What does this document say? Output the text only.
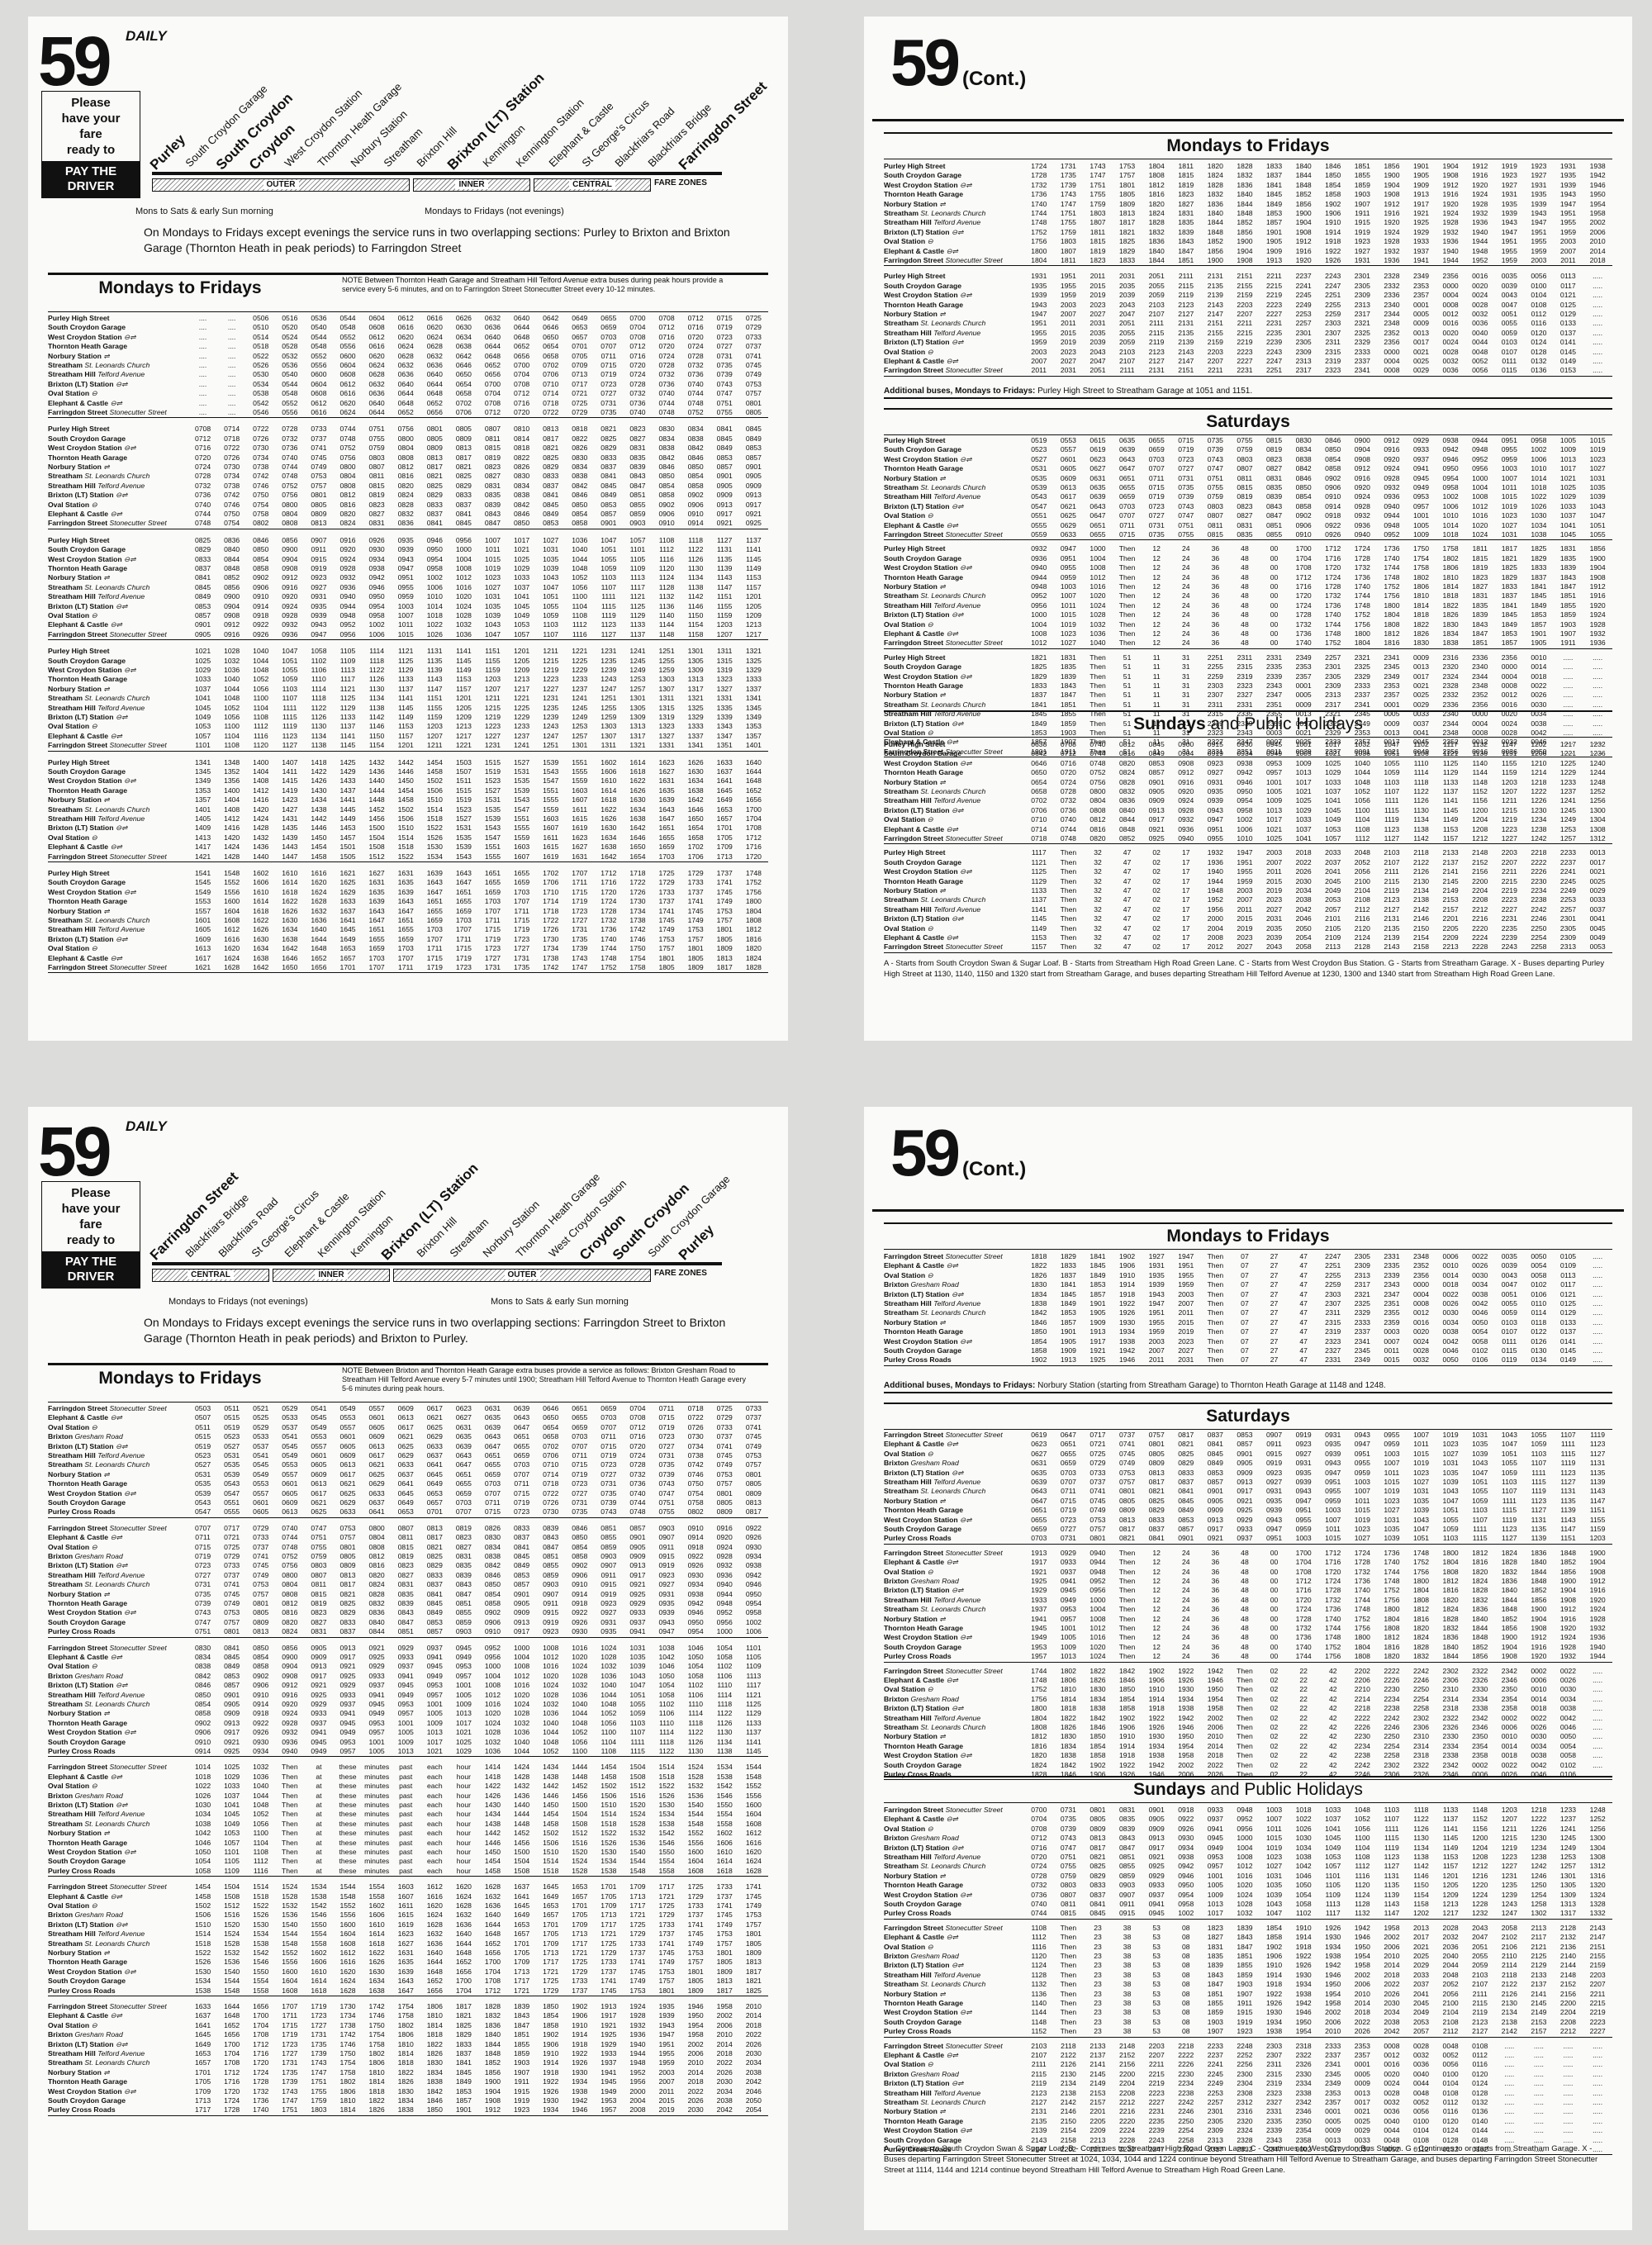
59 DAILY
Please
have your
fare
ready to
PAY THE DRIVER	OUTER	INNER	CENTRAL	FARE ZONES
Mons to Sats & early Sun morning	Mondays to Fridays (not evenings)
On Mondays to Fridays except evenings the service runs in two overlapping sections: Purley to Brixton and Brixton Garage (Thornton Heath in peak periods) to Farringdon Street
Mondays to Fridays	NOTE Between Thornton Heath Garage and Streatham Hill Telford Avenue extra buses during peak hours provide a service every 5-6 minutes, and on to Farringdon Street Stonecutter Street every 10-12 minutes.
Purley
South Croydon Garage
South Croydon
Croydon
West Croydon Station
Thornton Heath Garage
Norbury Station
Streatham
Brixton Hill
Brixton (LT) Station
Kennington
Kennington Station
Elephant & Castle
St George's Circus
Blackfriars Road
Blackfriars Bridge
Farringdon Street
Purley High Street	....	....	0506	0516	0536	0544	0604	0612	0616	0626	0632	0640	0642	0649	0655	0700	0708	0712	0715	0725
South Croydon Garage	....	....	0510	0520	0540	0548	0608	0616	0620	0630	0636	0644	0646	0653	0659	0704	0712	0716	0719	0729
West Croydon Station ⊖⇌	....	....	0514	0524	0544	0552	0612	0620	0624	0634	0640	0648	0650	0657	0703	0708	0716	0720	0723	0733
Thornton Heath Garage	....	....	0518	0528	0548	0556	0616	0624	0628	0638	0644	0652	0654	0701	0707	0712	0720	0724	0727	0737
Norbury Station ⇌	....	....	0522	0532	0552	0600	0620	0628	0632	0642	0648	0656	0658	0705	0711	0716	0724	0728	0731	0741
Streatham St. Leonards Church	....	....	0526	0536	0556	0604	0624	0632	0636	0646	0652	0700	0702	0709	0715	0720	0728	0732	0735	0745
Streatham Hill Telford Avenue	....	....	0530	0540	0600	0608	0628	0636	0640	0650	0656	0704	0706	0713	0719	0724	0732	0736	0739	0749
Brixton (LT) Station ⊖⇌	....	....	0534	0544	0604	0612	0632	0640	0644	0654	0700	0708	0710	0717	0723	0728	0736	0740	0743	0753
Oval Station ⊖	....	....	0538	0548	0608	0616	0636	0644	0648	0658	0704	0712	0714	0721	0727	0732	0740	0744	0747	0757
Elephant & Castle ⊖⇌	....	....	0542	0552	0612	0620	0640	0648	0652	0702	0708	0716	0718	0725	0731	0736	0744	0748	0751	0801
Farringdon Street Stonecutter Street	....	....	0546	0556	0616	0624	0644	0652	0656	0706	0712	0720	0722	0729	0735	0740	0748	0752	0755	0805
Purley High Street	0708	0714	0722	0728	0733	0744	0751	0756	0801	0805	0807	0810	0813	0818	0821	0823	0830	0834	0841	0845
South Croydon Garage	0712	0718	0726	0732	0737	0748	0755	0800	0805	0809	0811	0814	0817	0822	0825	0827	0834	0838	0845	0849
West Croydon Station ⊖⇌	0716	0722	0730	0736	0741	0752	0759	0804	0809	0813	0815	0818	0821	0826	0829	0831	0838	0842	0849	0853
Thornton Heath Garage	0720	0726	0734	0740	0745	0756	0803	0808	0813	0817	0819	0822	0825	0830	0833	0835	0842	0846	0853	0857
Norbury Station ⇌	0724	0730	0738	0744	0749	0800	0807	0812	0817	0821	0823	0826	0829	0834	0837	0839	0846	0850	0857	0901
Streatham St. Leonards Church	0728	0734	0742	0748	0753	0804	0811	0816	0821	0825	0827	0830	0833	0838	0841	0843	0850	0854	0901	0905
Streatham Hill Telford Avenue	0732	0738	0746	0752	0757	0808	0815	0820	0825	0829	0831	0834	0837	0842	0845	0847	0854	0858	0905	0909
Brixton (LT) Station ⊖⇌	0736	0742	0750	0756	0801	0812	0819	0824	0829	0833	0835	0838	0841	0846	0849	0851	0858	0902	0909	0913
Oval Station ⊖	0740	0746	0754	0800	0805	0816	0823	0828	0833	0837	0839	0842	0845	0850	0853	0855	0902	0906	0913	0917
Elephant & Castle ⊖⇌	0744	0750	0758	0804	0809	0820	0827	0832	0837	0841	0843	0846	0849	0854	0857	0859	0906	0910	0917	0921
Farringdon Street Stonecutter Street	0748	0754	0802	0808	0813	0824	0831	0836	0841	0845	0847	0850	0853	0858	0901	0903	0910	0914	0921	0925
Purley High Street	0825	0836	0846	0856	0907	0916	0926	0935	0946	0956	1007	1017	1027	1036	1047	1057	1108	1118	1127	1137
South Croydon Garage	0829	0840	0850	0900	0911	0920	0930	0939	0950	1000	1011	1021	1031	1040	1051	1101	1112	1122	1131	1141
West Croydon Station ⊖⇌	0833	0844	0854	0904	0915	0924	0934	0943	0954	1004	1015	1025	1035	1044	1055	1105	1116	1126	1135	1145
Thornton Heath Garage	0837	0848	0858	0908	0919	0928	0938	0947	0958	1008	1019	1029	1039	1048	1059	1109	1120	1130	1139	1149
Norbury Station ⇌	0841	0852	0902	0912	0923	0932	0942	0951	1002	1012	1023	1033	1043	1052	1103	1113	1124	1134	1143	1153
Streatham St. Leonards Church	0845	0856	0906	0916	0927	0936	0946	0955	1006	1016	1027	1037	1047	1056	1107	1117	1128	1138	1147	1157
Streatham Hill Telford Avenue	0849	0900	0910	0920	0931	0940	0950	0959	1010	1020	1031	1041	1051	1100	1111	1121	1132	1142	1151	1201
Brixton (LT) Station ⊖⇌	0853	0904	0914	0924	0935	0944	0954	1003	1014	1024	1035	1045	1055	1104	1115	1125	1136	1146	1155	1205
Oval Station ⊖	0857	0908	0918	0928	0939	0948	0958	1007	1018	1028	1039	1049	1059	1108	1119	1129	1140	1150	1159	1209
Elephant & Castle ⊖⇌	0901	0912	0922	0932	0943	0952	1002	1011	1022	1032	1043	1053	1103	1112	1123	1133	1144	1154	1203	1213
Farringdon Street Stonecutter Street	0905	0916	0926	0936	0947	0956	1006	1015	1026	1036	1047	1057	1107	1116	1127	1137	1148	1158	1207	1217
Purley High Street	1021	1028	1040	1047	1058	1105	1114	1121	1131	1141	1151	1201	1211	1221	1231	1241	1251	1301	1311	1321
South Croydon Garage	1025	1032	1044	1051	1102	1109	1118	1125	1135	1145	1155	1205	1215	1225	1235	1245	1255	1305	1315	1325
West Croydon Station ⊖⇌	1029	1036	1048	1055	1106	1113	1122	1129	1139	1149	1159	1209	1219	1229	1239	1249	1259	1309	1319	1329
Thornton Heath Garage	1033	1040	1052	1059	1110	1117	1126	1133	1143	1153	1203	1213	1223	1233	1243	1253	1303	1313	1323	1333
Norbury Station ⇌	1037	1044	1056	1103	1114	1121	1130	1137	1147	1157	1207	1217	1227	1237	1247	1257	1307	1317	1327	1337
Streatham St. Leonards Church	1041	1048	1100	1107	1118	1125	1134	1141	1151	1201	1211	1221	1231	1241	1251	1301	1311	1321	1331	1341
Streatham Hill Telford Avenue	1045	1052	1104	1111	1122	1129	1138	1145	1155	1205	1215	1225	1235	1245	1255	1305	1315	1325	1335	1345
Brixton (LT) Station ⊖⇌	1049	1056	1108	1115	1126	1133	1142	1149	1159	1209	1219	1229	1239	1249	1259	1309	1319	1329	1339	1349
Oval Station ⊖	1053	1100	1112	1119	1130	1137	1146	1153	1203	1213	1223	1233	1243	1253	1303	1313	1323	1333	1343	1353
Elephant & Castle ⊖⇌	1057	1104	1116	1123	1134	1141	1150	1157	1207	1217	1227	1237	1247	1257	1307	1317	1327	1337	1347	1357
Farringdon Street Stonecutter Street	1101	1108	1120	1127	1138	1145	1154	1201	1211	1221	1231	1241	1251	1301	1311	1321	1331	1341	1351	1401
Purley High Street	1341	1348	1400	1407	1418	1425	1432	1442	1454	1503	1515	1527	1539	1551	1602	1614	1623	1626	1633	1640
South Croydon Garage	1345	1352	1404	1411	1422	1429	1436	1446	1458	1507	1519	1531	1543	1555	1606	1618	1627	1630	1637	1644
West Croydon Station ⊖⇌	1349	1356	1408	1415	1426	1433	1440	1450	1502	1511	1523	1535	1547	1559	1610	1622	1631	1634	1641	1648
Thornton Heath Garage	1353	1400	1412	1419	1430	1437	1444	1454	1506	1515	1527	1539	1551	1603	1614	1626	1635	1638	1645	1652
Norbury Station ⇌	1357	1404	1416	1423	1434	1441	1448	1458	1510	1519	1531	1543	1555	1607	1618	1630	1639	1642	1649	1656
Streatham St. Leonards Church	1401	1408	1420	1427	1438	1445	1452	1502	1514	1523	1535	1547	1559	1611	1622	1634	1643	1646	1653	1700
Streatham Hill Telford Avenue	1405	1412	1424	1431	1442	1449	1456	1506	1518	1527	1539	1551	1603	1615	1626	1638	1647	1650	1657	1704
Brixton (LT) Station ⊖⇌	1409	1416	1428	1435	1446	1453	1500	1510	1522	1531	1543	1555	1607	1619	1630	1642	1651	1654	1701	1708
Oval Station ⊖	1413	1420	1432	1439	1450	1457	1504	1514	1526	1535	1547	1559	1611	1623	1634	1646	1655	1658	1705	1712
Elephant & Castle ⊖⇌	1417	1424	1436	1443	1454	1501	1508	1518	1530	1539	1551	1603	1615	1627	1638	1650	1659	1702	1709	1716
Farringdon Street Stonecutter Street	1421	1428	1440	1447	1458	1505	1512	1522	1534	1543	1555	1607	1619	1631	1642	1654	1703	1706	1713	1720
Purley High Street	1541	1548	1602	1610	1616	1621	1627	1631	1639	1643	1651	1655	1702	1707	1712	1718	1725	1729	1737	1748
South Croydon Garage	1545	1552	1606	1614	1620	1625	1631	1635	1643	1647	1655	1659	1706	1711	1716	1722	1729	1733	1741	1752
West Croydon Station ⊖⇌	1549	1556	1610	1618	1624	1629	1635	1639	1647	1651	1659	1703	1710	1715	1720	1726	1733	1737	1745	1756
Thornton Heath Garage	1553	1600	1614	1622	1628	1633	1639	1643	1651	1655	1703	1707	1714	1719	1724	1730	1737	1741	1749	1800
Norbury Station ⇌	1557	1604	1618	1626	1632	1637	1643	1647	1655	1659	1707	1711	1718	1723	1728	1734	1741	1745	1753	1804
Streatham St. Leonards Church	1601	1608	1622	1630	1636	1641	1647	1651	1659	1703	1711	1715	1722	1727	1732	1738	1745	1749	1757	1808
Streatham Hill Telford Avenue	1605	1612	1626	1634	1640	1645	1651	1655	1703	1707	1715	1719	1726	1731	1736	1742	1749	1753	1801	1812
Brixton (LT) Station ⊖⇌	1609	1616	1630	1638	1644	1649	1655	1659	1707	1711	1719	1723	1730	1735	1740	1746	1753	1757	1805	1816
Oval Station ⊖	1613	1620	1634	1642	1648	1653	1659	1703	1711	1715	1723	1727	1734	1739	1744	1750	1757	1801	1809	1820
Elephant & Castle ⊖⇌	1617	1624	1638	1646	1652	1657	1703	1707	1715	1719	1727	1731	1738	1743	1748	1754	1801	1805	1813	1824
Farringdon Street Stonecutter Street	1621	1628	1642	1650	1656	1701	1707	1711	1719	1723	1731	1735	1742	1747	1752	1758	1805	1809	1817	1828
59 (Cont.)
Mondays to Fridays
Additional buses, Mondays to Fridays: Purley High Street to Streatham Garage at 1051 and 1151.
Saturdays
Sundays and Public Holidays
A - Starts from South Croydon Swan & Sugar Loaf. B - Starts from Streatham High Road Green Lane. C - Starts from West Croydon Bus Station. G - Starts from Streatham Garage. X - Buses departing Purley High Street at 1130, 1140, 1150 and 1320 start from Streatham Garage, and buses departing Streatham Hill Telford Avenue at 1230, 1300 and 1340 start from Streatham High Road Green Lane.
Purley High Street	1724	1731	1743	1753	1804	1811	1820	1828	1833	1840	1846	1851	1856	1901	1904	1912	1919	1923	1931	1938
South Croydon Garage	1728	1735	1747	1757	1808	1815	1824	1832	1837	1844	1850	1855	1900	1905	1908	1916	1923	1927	1935	1942
West Croydon Station ⊖⇌	1732	1739	1751	1801	1812	1819	1828	1836	1841	1848	1854	1859	1904	1909	1912	1920	1927	1931	1939	1946
Thornton Heath Garage	1736	1743	1755	1805	1816	1823	1832	1840	1845	1852	1858	1903	1908	1913	1916	1924	1931	1935	1943	1950
Norbury Station ⇌	1740	1747	1759	1809	1820	1827	1836	1844	1849	1856	1902	1907	1912	1917	1920	1928	1935	1939	1947	1954
Streatham St. Leonards Church	1744	1751	1803	1813	1824	1831	1840	1848	1853	1900	1906	1911	1916	1921	1924	1932	1939	1943	1951	1958
Streatham Hill Telford Avenue	1748	1755	1807	1817	1828	1835	1844	1852	1857	1904	1910	1915	1920	1925	1928	1936	1943	1947	1955	2002
Brixton (LT) Station ⊖⇌	1752	1759	1811	1821	1832	1839	1848	1856	1901	1908	1914	1919	1924	1929	1932	1940	1947	1951	1959	2006
Oval Station ⊖	1756	1803	1815	1825	1836	1843	1852	1900	1905	1912	1918	1923	1928	1933	1936	1944	1951	1955	2003	2010
Elephant & Castle ⊖⇌	1800	1807	1819	1829	1840	1847	1856	1904	1909	1916	1922	1927	1932	1937	1940	1948	1955	1959	2007	2014
Farringdon Street Stonecutter Street	1804	1811	1823	1833	1844	1851	1900	1908	1913	1920	1926	1931	1936	1941	1944	1952	1959	2003	2011	2018
Purley High Street	1931	1951	2011	2031	2051	2111	2131	2151	2211	2237	2243	2301	2328	2349	2356	0016	0035	0056	0113	.....
South Croydon Garage	1935	1955	2015	2035	2055	2115	2135	2155	2215	2241	2247	2305	2332	2353	0000	0020	0039	0100	0117	.....
West Croydon Station ⊖⇌	1939	1959	2019	2039	2059	2119	2139	2159	2219	2245	2251	2309	2336	2357	0004	0024	0043	0104	0121	.....
Thornton Heath Garage	1943	2003	2023	2043	2103	2123	2143	2203	2223	2249	2255	2313	2340	0001	0008	0028	0047	0108	0125	.....
Norbury Station ⇌	1947	2007	2027	2047	2107	2127	2147	2207	2227	2253	2259	2317	2344	0005	0012	0032	0051	0112	0129	.....
Streatham St. Leonards Church	1951	2011	2031	2051	2111	2131	2151	2211	2231	2257	2303	2321	2348	0009	0016	0036	0055	0116	0133	.....
Streatham Hill Telford Avenue	1955	2015	2035	2055	2115	2135	2155	2215	2235	2301	2307	2325	2352	0013	0020	0040	0059	0120	0137	.....
Brixton (LT) Station ⊖⇌	1959	2019	2039	2059	2119	2139	2159	2219	2239	2305	2311	2329	2356	0017	0024	0044	0103	0124	0141	.....
Oval Station ⊖	2003	2023	2043	2103	2123	2143	2203	2223	2243	2309	2315	2333	0000	0021	0028	0048	0107	0128	0145	.....
Elephant & Castle ⊖⇌	2007	2027	2047	2107	2127	2147	2207	2227	2247	2313	2319	2337	0004	0025	0032	0052	0111	0132	0149	.....
Farringdon Street Stonecutter Street	2011	2031	2051	2111	2131	2151	2211	2231	2251	2317	2323	2341	0008	0029	0036	0056	0115	0136	0153	.....
Purley High Street	0519	0553	0615	0635	0655	0715	0735	0755	0815	0830	0846	0900	0912	0929	0938	0944	0951	0958	1005	1015
South Croydon Garage	0523	0557	0619	0639	0659	0719	0739	0759	0819	0834	0850	0904	0916	0933	0942	0948	0955	1002	1009	1019
West Croydon Station ⊖⇌	0527	0601	0623	0643	0703	0723	0743	0803	0823	0838	0854	0908	0920	0937	0946	0952	0959	1006	1013	1023
Thornton Heath Garage	0531	0605	0627	0647	0707	0727	0747	0807	0827	0842	0858	0912	0924	0941	0950	0956	1003	1010	1017	1027
Norbury Station ⇌	0535	0609	0631	0651	0711	0731	0751	0811	0831	0846	0902	0916	0928	0945	0954	1000	1007	1014	1021	1031
Streatham St. Leonards Church	0539	0613	0635	0655	0715	0735	0755	0815	0835	0850	0906	0920	0932	0949	0958	1004	1011	1018	1025	1035
Streatham Hill Telford Avenue	0543	0617	0639	0659	0719	0739	0759	0819	0839	0854	0910	0924	0936	0953	1002	1008	1015	1022	1029	1039
Brixton (LT) Station ⊖⇌	0547	0621	0643	0703	0723	0743	0803	0823	0843	0858	0914	0928	0940	0957	1006	1012	1019	1026	1033	1043
Oval Station ⊖	0551	0625	0647	0707	0727	0747	0807	0827	0847	0902	0918	0932	0944	1001	1010	1016	1023	1030	1037	1047
Elephant & Castle ⊖⇌	0555	0629	0651	0711	0731	0751	0811	0831	0851	0906	0922	0936	0948	1005	1014	1020	1027	1034	1041	1051
Farringdon Street Stonecutter Street	0559	0633	0655	0715	0735	0755	0815	0835	0855	0910	0926	0940	0952	1009	1018	1024	1031	1038	1045	1055
Purley High Street	0932	0947	1000	Then	12	24	36	48	00	1700	1712	1724	1736	1750	1758	1811	1817	1825	1831	1856
South Croydon Garage	0936	0951	1004	Then	12	24	36	48	00	1704	1716	1728	1740	1754	1802	1815	1821	1829	1835	1900
West Croydon Station ⊖⇌	0940	0955	1008	Then	12	24	36	48	00	1708	1720	1732	1744	1758	1806	1819	1825	1833	1839	1904
Thornton Heath Garage	0944	0959	1012	Then	12	24	36	48	00	1712	1724	1736	1748	1802	1810	1823	1829	1837	1843	1908
Norbury Station ⇌	0948	1003	1016	Then	12	24	36	48	00	1716	1728	1740	1752	1806	1814	1827	1833	1841	1847	1912
Streatham St. Leonards Church	0952	1007	1020	Then	12	24	36	48	00	1720	1732	1744	1756	1810	1818	1831	1837	1845	1851	1916
Streatham Hill Telford Avenue	0956	1011	1024	Then	12	24	36	48	00	1724	1736	1748	1800	1814	1822	1835	1841	1849	1855	1920
Brixton (LT) Station ⊖⇌	1000	1015	1028	Then	12	24	36	48	00	1728	1740	1752	1804	1818	1826	1839	1845	1853	1859	1924
Oval Station ⊖	1004	1019	1032	Then	12	24	36	48	00	1732	1744	1756	1808	1822	1830	1843	1849	1857	1903	1928
Elephant & Castle ⊖⇌	1008	1023	1036	Then	12	24	36	48	00	1736	1748	1800	1812	1826	1834	1847	1853	1901	1907	1932
Farringdon Street Stonecutter Street	1012	1027	1040	Then	12	24	36	48	00	1740	1752	1804	1816	1830	1838	1851	1857	1905	1911	1936
Purley High Street	1821	1831	Then	51	11	31	2251	2311	2331	2349	2257	2321	2341	0009	2316	2336	2356	0010	.....	.....
South Croydon Garage	1825	1835	Then	51	11	31	2255	2315	2335	2353	2301	2325	2345	0013	2320	2340	0000	0014	.....	.....
West Croydon Station ⊖⇌	1829	1839	Then	51	11	31	2259	2319	2339	2357	2305	2329	2349	0017	2324	2344	0004	0018	.....	.....
Thornton Heath Garage	1833	1843	Then	51	11	31	2303	2323	2343	0001	2309	2333	2353	0021	2328	2348	0008	0022	.....	.....
Norbury Station ⇌	1837	1847	Then	51	11	31	2307	2327	2347	0005	2313	2337	2357	0025	2332	2352	0012	0026	.....	.....
Streatham St. Leonards Church	1841	1851	Then	51	11	31	2311	2331	2351	0009	2317	2341	0001	0029	2336	2356	0016	0030	.....	.....
Streatham Hill Telford Avenue	1845	1855	Then	51	11	31	2315	2335	2355	0013	2321	2345	0005	0033	2340	0000	0020	0034	.....	.....
Brixton (LT) Station ⊖⇌	1849	1859	Then	51	11	31	2319	2339	2359	0017	2325	2349	0009	0037	2344	0004	0024	0038	.....	.....
Oval Station ⊖	1853	1903	Then	51	11	31	2323	2343	0003	0021	2329	2353	0013	0041	2348	0008	0028	0042	.....	.....
Elephant & Castle ⊖⇌	1857	1907	Then	51	11	31	2327	2347	0007	0025	2333	2357	0017	0045	2352	0012	0032	0046	.....	.....
Farringdon Street Stonecutter Street	1901	1911	Then	51	11	31	2331	2351	0011	0029	2337	0001	0021	0049	2356	0016	0036	0050	.....	.....
Purley High Street	0638	0708	0740	0812	0845	0900	0915	0930	0945	1001	1017	1032	1047	1102	1117	1132	1147	1202	1217	1232
South Croydon Garage	0642	0712	0744	0816	0849	0904	0919	0934	0949	1005	1021	1036	1051	1106	1121	1136	1151	1206	1221	1236
West Croydon Station ⊖⇌	0646	0716	0748	0820	0853	0908	0923	0938	0953	1009	1025	1040	1055	1110	1125	1140	1155	1210	1225	1240
Thornton Heath Garage	0650	0720	0752	0824	0857	0912	0927	0942	0957	1013	1029	1044	1059	1114	1129	1144	1159	1214	1229	1244
Norbury Station ⇌	0654	0724	0756	0828	0901	0916	0931	0946	1001	1017	1033	1048	1103	1118	1133	1148	1203	1218	1233	1248
Streatham St. Leonards Church	0658	0728	0800	0832	0905	0920	0935	0950	1005	1021	1037	1052	1107	1122	1137	1152	1207	1222	1237	1252
Streatham Hill Telford Avenue	0702	0732	0804	0836	0909	0924	0939	0954	1009	1025	1041	1056	1111	1126	1141	1156	1211	1226	1241	1256
Brixton (LT) Station ⊖⇌	0706	0736	0808	0840	0913	0928	0943	0958	1013	1029	1045	1100	1115	1130	1145	1200	1215	1230	1245	1300
Oval Station ⊖	0710	0740	0812	0844	0917	0932	0947	1002	1017	1033	1049	1104	1119	1134	1149	1204	1219	1234	1249	1304
Elephant & Castle ⊖⇌	0714	0744	0816	0848	0921	0936	0951	1006	1021	1037	1053	1108	1123	1138	1153	1208	1223	1238	1253	1308
Farringdon Street Stonecutter Street	0718	0748	0820	0852	0925	0940	0955	1010	1025	1041	1057	1112	1127	1142	1157	1212	1227	1242	1257	1312
Purley High Street	1117	Then	32	47	02	17	1932	1947	2003	2018	2033	2048	2103	2118	2133	2148	2203	2218	2233	0013
South Croydon Garage	1121	Then	32	47	02	17	1936	1951	2007	2022	2037	2052	2107	2122	2137	2152	2207	2222	2237	0017
West Croydon Station ⊖⇌	1125	Then	32	47	02	17	1940	1955	2011	2026	2041	2056	2111	2126	2141	2156	2211	2226	2241	0021
Thornton Heath Garage	1129	Then	32	47	02	17	1944	1959	2015	2030	2045	2100	2115	2130	2145	2200	2215	2230	2245	0025
Norbury Station ⇌	1133	Then	32	47	02	17	1948	2003	2019	2034	2049	2104	2119	2134	2149	2204	2219	2234	2249	0029
Streatham St. Leonards Church	1137	Then	32	47	02	17	1952	2007	2023	2038	2053	2108	2123	2138	2153	2208	2223	2238	2253	0033
Streatham Hill Telford Avenue	1141	Then	32	47	02	17	1956	2011	2027	2042	2057	2112	2127	2142	2157	2212	2227	2242	2257	0037
Brixton (LT) Station ⊖⇌	1145	Then	32	47	02	17	2000	2015	2031	2046	2101	2116	2131	2146	2201	2216	2231	2246	2301	0041
Oval Station ⊖	1149	Then	32	47	02	17	2004	2019	2035	2050	2105	2120	2135	2150	2205	2220	2235	2250	2305	0045
Elephant & Castle ⊖⇌	1153	Then	32	47	02	17	2008	2023	2039	2054	2109	2124	2139	2154	2209	2224	2239	2254	2309	0049
Farringdon Street Stonecutter Street	1157	Then	32	47	02	17	2012	2027	2043	2058	2113	2128	2143	2158	2213	2228	2243	2258	2313	0053
59 DAILY
Please
have your
fare
ready to
PAY THE DRIVER	CENTRAL	INNER	OUTER	FARE ZONES
Mondays to Fridays (not evenings)	Mons to Sats & early Sun morning
On Mondays to Fridays except evenings the service runs in two overlapping sections: Farringdon Street to Brixton Garage (Thornton Heath in peak periods) and Brixton to Purley.
Mondays to Fridays	NOTE Between Brixton and Thornton Heath Garage extra buses provide a service as follows: Brixton Gresham Road to Streatham Hill Telford Avenue every 5-7 minutes until 1900; Streatham Hill Telford Avenue to Thornton Heath Garage every 5-6 minutes during peak hours.
Farringdon Street
Blackfriars Bridge
Blackfriars Road
St George's Circus
Elephant & Castle
Kennington Station
Kennington
Brixton (LT) Station
Brixton Hill
Streatham
Norbury Station
Thornton Heath Garage
West Croydon Station
Croydon
South Croydon
South Croydon Garage
Purley
Farringdon Street Stonecutter Street	0503	0511	0521	0529	0541	0549	0557	0609	0617	0623	0631	0639	0646	0651	0659	0704	0711	0718	0725	0733
Elephant & Castle ⊖⇌	0507	0515	0525	0533	0545	0553	0601	0613	0621	0627	0635	0643	0650	0655	0703	0708	0715	0722	0729	0737
Oval Station ⊖	0511	0519	0529	0537	0549	0557	0605	0617	0625	0631	0639	0647	0654	0659	0707	0712	0719	0726	0733	0741
Brixton Gresham Road	0515	0523	0533	0541	0553	0601	0609	0621	0629	0635	0643	0651	0658	0703	0711	0716	0723	0730	0737	0745
Brixton (LT) Station ⊖⇌	0519	0527	0537	0545	0557	0605	0613	0625	0633	0639	0647	0655	0702	0707	0715	0720	0727	0734	0741	0749
Streatham Hill Telford Avenue	0523	0531	0541	0549	0601	0609	0617	0629	0637	0643	0651	0659	0706	0711	0719	0724	0731	0738	0745	0753
Streatham St. Leonards Church	0527	0535	0545	0553	0605	0613	0621	0633	0641	0647	0655	0703	0710	0715	0723	0728	0735	0742	0749	0757
Norbury Station ⇌	0531	0539	0549	0557	0609	0617	0625	0637	0645	0651	0659	0707	0714	0719	0727	0732	0739	0746	0753	0801
Thornton Heath Garage	0535	0543	0553	0601	0613	0621	0629	0641	0649	0655	0703	0711	0718	0723	0731	0736	0743	0750	0757	0805
West Croydon Station ⊖⇌	0539	0547	0557	0605	0617	0625	0633	0645	0653	0659	0707	0715	0722	0727	0735	0740	0747	0754	0801	0809
South Croydon Garage	0543	0551	0601	0609	0621	0629	0637	0649	0657	0703	0711	0719	0726	0731	0739	0744	0751	0758	0805	0813
Purley Cross Roads	0547	0555	0605	0613	0625	0633	0641	0653	0701	0707	0715	0723	0730	0735	0743	0748	0755	0802	0809	0817
Farringdon Street Stonecutter Street	0707	0717	0729	0740	0747	0753	0800	0807	0813	0819	0826	0833	0839	0846	0851	0857	0903	0910	0916	0922
Elephant & Castle ⊖⇌	0711	0721	0733	0744	0751	0757	0804	0811	0817	0823	0830	0837	0843	0850	0855	0901	0907	0914	0920	0926
Oval Station ⊖	0715	0725	0737	0748	0755	0801	0808	0815	0821	0827	0834	0841	0847	0854	0859	0905	0911	0918	0924	0930
Brixton Gresham Road	0719	0729	0741	0752	0759	0805	0812	0819	0825	0831	0838	0845	0851	0858	0903	0909	0915	0922	0928	0934
Brixton (LT) Station ⊖⇌	0723	0733	0745	0756	0803	0809	0816	0823	0829	0835	0842	0849	0855	0902	0907	0913	0919	0926	0932	0938
Streatham Hill Telford Avenue	0727	0737	0749	0800	0807	0813	0820	0827	0833	0839	0846	0853	0859	0906	0911	0917	0923	0930	0936	0942
Streatham St. Leonards Church	0731	0741	0753	0804	0811	0817	0824	0831	0837	0843	0850	0857	0903	0910	0915	0921	0927	0934	0940	0946
Norbury Station ⇌	0735	0745	0757	0808	0815	0821	0828	0835	0841	0847	0854	0901	0907	0914	0919	0925	0931	0938	0944	0950
Thornton Heath Garage	0739	0749	0801	0812	0819	0825	0832	0839	0845	0851	0858	0905	0911	0918	0923	0929	0935	0942	0948	0954
West Croydon Station ⊖⇌	0743	0753	0805	0816	0823	0829	0836	0843	0849	0855	0902	0909	0915	0922	0927	0933	0939	0946	0952	0958
South Croydon Garage	0747	0757	0809	0820	0827	0833	0840	0847	0853	0859	0906	0913	0919	0926	0931	0937	0943	0950	0956	1002
Purley Cross Roads	0751	0801	0813	0824	0831	0837	0844	0851	0857	0903	0910	0917	0923	0930	0935	0941	0947	0954	1000	1006
Farringdon Street Stonecutter Street	0830	0841	0850	0856	0905	0913	0921	0929	0937	0945	0952	1000	1008	1016	1024	1031	1038	1046	1054	1101
Elephant & Castle ⊖⇌	0834	0845	0854	0900	0909	0917	0925	0933	0941	0949	0956	1004	1012	1020	1028	1035	1042	1050	1058	1105
Oval Station ⊖	0838	0849	0858	0904	0913	0921	0929	0937	0945	0953	1000	1008	1016	1024	1032	1039	1046	1054	1102	1109
Brixton Gresham Road	0842	0853	0902	0908	0917	0925	0933	0941	0949	0957	1004	1012	1020	1028	1036	1043	1050	1058	1106	1113
Brixton (LT) Station ⊖⇌	0846	0857	0906	0912	0921	0929	0937	0945	0953	1001	1008	1016	1024	1032	1040	1047	1054	1102	1110	1117
Streatham Hill Telford Avenue	0850	0901	0910	0916	0925	0933	0941	0949	0957	1005	1012	1020	1028	1036	1044	1051	1058	1106	1114	1121
Streatham St. Leonards Church	0854	0905	0914	0920	0929	0937	0945	0953	1001	1009	1016	1024	1032	1040	1048	1055	1102	1110	1118	1125
Norbury Station ⇌	0858	0909	0918	0924	0933	0941	0949	0957	1005	1013	1020	1028	1036	1044	1052	1059	1106	1114	1122	1129
Thornton Heath Garage	0902	0913	0922	0928	0937	0945	0953	1001	1009	1017	1024	1032	1040	1048	1056	1103	1110	1118	1126	1133
West Croydon Station ⊖⇌	0906	0917	0926	0932	0941	0949	0957	1005	1013	1021	1028	1036	1044	1052	1100	1107	1114	1122	1130	1137
South Croydon Garage	0910	0921	0930	0936	0945	0953	1001	1009	1017	1025	1032	1040	1048	1056	1104	1111	1118	1126	1134	1141
Purley Cross Roads	0914	0925	0934	0940	0949	0957	1005	1013	1021	1029	1036	1044	1052	1100	1108	1115	1122	1130	1138	1145
Farringdon Street Stonecutter Street	1014	1025	1032	Then	at	these	minutes	past	each	hour	1414	1424	1434	1444	1454	1504	1514	1524	1534	1544
Elephant & Castle ⊖⇌	1018	1029	1036	Then	at	these	minutes	past	each	hour	1418	1428	1438	1448	1458	1508	1518	1528	1538	1548
Oval Station ⊖	1022	1033	1040	Then	at	these	minutes	past	each	hour	1422	1432	1442	1452	1502	1512	1522	1532	1542	1552
Brixton Gresham Road	1026	1037	1044	Then	at	these	minutes	past	each	hour	1426	1436	1446	1456	1506	1516	1526	1536	1546	1556
Brixton (LT) Station ⊖⇌	1030	1041	1048	Then	at	these	minutes	past	each	hour	1430	1440	1450	1500	1510	1520	1530	1540	1550	1600
Streatham Hill Telford Avenue	1034	1045	1052	Then	at	these	minutes	past	each	hour	1434	1444	1454	1504	1514	1524	1534	1544	1554	1604
Streatham St. Leonards Church	1038	1049	1056	Then	at	these	minutes	past	each	hour	1438	1448	1458	1508	1518	1528	1538	1548	1558	1608
Norbury Station ⇌	1042	1053	1100	Then	at	these	minutes	past	each	hour	1442	1452	1502	1512	1522	1532	1542	1552	1602	1612
Thornton Heath Garage	1046	1057	1104	Then	at	these	minutes	past	each	hour	1446	1456	1506	1516	1526	1536	1546	1556	1606	1616
West Croydon Station ⊖⇌	1050	1101	1108	Then	at	these	minutes	past	each	hour	1450	1500	1510	1520	1530	1540	1550	1600	1610	1620
South Croydon Garage	1054	1105	1112	Then	at	these	minutes	past	each	hour	1454	1504	1514	1524	1534	1544	1554	1604	1614	1624
Purley Cross Roads	1058	1109	1116	Then	at	these	minutes	past	each	hour	1458	1508	1518	1528	1538	1548	1558	1608	1618	1628
Farringdon Street Stonecutter Street	1454	1504	1514	1524	1534	1544	1554	1603	1612	1620	1628	1637	1645	1653	1701	1709	1717	1725	1733	1741
Elephant & Castle ⊖⇌	1458	1508	1518	1528	1538	1548	1558	1607	1616	1624	1632	1641	1649	1657	1705	1713	1721	1729	1737	1745
Oval Station ⊖	1502	1512	1522	1532	1542	1552	1602	1611	1620	1628	1636	1645	1653	1701	1709	1717	1725	1733	1741	1749
Brixton Gresham Road	1506	1516	1526	1536	1546	1556	1606	1615	1624	1632	1640	1649	1657	1705	1713	1721	1729	1737	1745	1753
Brixton (LT) Station ⊖⇌	1510	1520	1530	1540	1550	1600	1610	1619	1628	1636	1644	1653	1701	1709	1717	1725	1733	1741	1749	1757
Streatham Hill Telford Avenue	1514	1524	1534	1544	1554	1604	1614	1623	1632	1640	1648	1657	1705	1713	1721	1729	1737	1745	1753	1801
Streatham St. Leonards Church	1518	1528	1538	1548	1558	1608	1618	1627	1636	1644	1652	1701	1709	1717	1725	1733	1741	1749	1757	1805
Norbury Station ⇌	1522	1532	1542	1552	1602	1612	1622	1631	1640	1648	1656	1705	1713	1721	1729	1737	1745	1753	1801	1809
Thornton Heath Garage	1526	1536	1546	1556	1606	1616	1626	1635	1644	1652	1700	1709	1717	1725	1733	1741	1749	1757	1805	1813
West Croydon Station ⊖⇌	1530	1540	1550	1600	1610	1620	1630	1639	1648	1656	1704	1713	1721	1729	1737	1745	1753	1801	1809	1817
South Croydon Garage	1534	1544	1554	1604	1614	1624	1634	1643	1652	1700	1708	1717	1725	1733	1741	1749	1757	1805	1813	1821
Purley Cross Roads	1538	1548	1558	1608	1618	1628	1638	1647	1656	1704	1712	1721	1729	1737	1745	1753	1801	1809	1817	1825
Farringdon Street Stonecutter Street	1633	1644	1656	1707	1719	1730	1742	1754	1806	1817	1828	1839	1850	1902	1913	1924	1935	1946	1958	2010
Elephant & Castle ⊖⇌	1637	1648	1700	1711	1723	1734	1746	1758	1810	1821	1832	1843	1854	1906	1917	1928	1939	1950	2002	2014
Oval Station ⊖	1641	1652	1704	1715	1727	1738	1750	1802	1814	1825	1836	1847	1858	1910	1921	1932	1943	1954	2006	2018
Brixton Gresham Road	1645	1656	1708	1719	1731	1742	1754	1806	1818	1829	1840	1851	1902	1914	1925	1936	1947	1958	2010	2022
Brixton (LT) Station ⊖⇌	1649	1700	1712	1723	1735	1746	1758	1810	1822	1833	1844	1855	1906	1918	1929	1940	1951	2002	2014	2026
Streatham Hill Telford Avenue	1653	1704	1716	1727	1739	1750	1802	1814	1826	1837	1848	1859	1910	1922	1933	1944	1955	2006	2018	2030
Streatham St. Leonards Church	1657	1708	1720	1731	1743	1754	1806	1818	1830	1841	1852	1903	1914	1926	1937	1948	1959	2010	2022	2034
Norbury Station ⇌	1701	1712	1724	1735	1747	1758	1810	1822	1834	1845	1856	1907	1918	1930	1941	1952	2003	2014	2026	2038
Thornton Heath Garage	1705	1716	1728	1739	1751	1802	1814	1826	1838	1849	1900	1911	1922	1934	1945	1956	2007	2018	2030	2042
West Croydon Station ⊖⇌	1709	1720	1732	1743	1755	1806	1818	1830	1842	1853	1904	1915	1926	1938	1949	2000	2011	2022	2034	2046
South Croydon Garage	1713	1724	1736	1747	1759	1810	1822	1834	1846	1857	1908	1919	1930	1942	1953	2004	2015	2026	2038	2050
Purley Cross Roads	1717	1728	1740	1751	1803	1814	1826	1838	1850	1901	1912	1923	1934	1946	1957	2008	2019	2030	2042	2054
59 (Cont.)
Mondays to Fridays
Additional buses, Mondays to Fridays: Norbury Station (starting from Streatham Garage) to Thornton Heath Garage at 1148 and 1248.
Saturdays
Sundays and Public Holidays
A - Continues to South Croydon Swan & Sugar Loaf. B - Continues to Streatham High Road Green Lane. C - Continues to West Croydon Bus Station. G - Continues to or starts from Streatham Garage. X - Buses departing Farringdon Street Stonecutter Street at 1024, 1034, 1044 and 1224 continue beyond Streatham Hill Telford Avenue to Streatham Garage, and buses departing Farringdon Street Stonecutter Street at 1114, 1144 and 1214 continue beyond Streatham Hill Telford Avenue to Streatham High Road Green Lane.
Farringdon Street Stonecutter Street	1818	1829	1841	1902	1927	1947	Then	07	27	47	2247	2305	2331	2348	0006	0022	0035	0050	0105	.....
Elephant & Castle ⊖⇌	1822	1833	1845	1906	1931	1951	Then	07	27	47	2251	2309	2335	2352	0010	0026	0039	0054	0109	.....
Oval Station ⊖	1826	1837	1849	1910	1935	1955	Then	07	27	47	2255	2313	2339	2356	0014	0030	0043	0058	0113	.....
Brixton Gresham Road	1830	1841	1853	1914	1939	1959	Then	07	27	47	2259	2317	2343	0000	0018	0034	0047	0102	0117	.....
Brixton (LT) Station ⊖⇌	1834	1845	1857	1918	1943	2003	Then	07	27	47	2303	2321	2347	0004	0022	0038	0051	0106	0121	.....
Streatham Hill Telford Avenue	1838	1849	1901	1922	1947	2007	Then	07	27	47	2307	2325	2351	0008	0026	0042	0055	0110	0125	.....
Streatham St. Leonards Church	1842	1853	1905	1926	1951	2011	Then	07	27	47	2311	2329	2355	0012	0030	0046	0059	0114	0129	.....
Norbury Station ⇌	1846	1857	1909	1930	1955	2015	Then	07	27	47	2315	2333	2359	0016	0034	0050	0103	0118	0133	.....
Thornton Heath Garage	1850	1901	1913	1934	1959	2019	Then	07	27	47	2319	2337	0003	0020	0038	0054	0107	0122	0137	.....
West Croydon Station ⊖⇌	1854	1905	1917	1938	2003	2023	Then	07	27	47	2323	2341	0007	0024	0042	0058	0111	0126	0141	.....
South Croydon Garage	1858	1909	1921	1942	2007	2027	Then	07	27	47	2327	2345	0011	0028	0046	0102	0115	0130	0145	.....
Purley Cross Roads	1902	1913	1925	1946	2011	2031	Then	07	27	47	2331	2349	0015	0032	0050	0106	0119	0134	0149	.....
Farringdon Street Stonecutter Street	0619	0647	0717	0737	0757	0817	0837	0853	0907	0919	0931	0943	0955	1007	1019	1031	1043	1055	1107	1119
Elephant & Castle ⊖⇌	0623	0651	0721	0741	0801	0821	0841	0857	0911	0923	0935	0947	0959	1011	1023	1035	1047	1059	1111	1123
Oval Station ⊖	0627	0655	0725	0745	0805	0825	0845	0901	0915	0927	0939	0951	1003	1015	1027	1039	1051	1103	1115	1127
Brixton Gresham Road	0631	0659	0729	0749	0809	0829	0849	0905	0919	0931	0943	0955	1007	1019	1031	1043	1055	1107	1119	1131
Brixton (LT) Station ⊖⇌	0635	0703	0733	0753	0813	0833	0853	0909	0923	0935	0947	0959	1011	1023	1035	1047	1059	1111	1123	1135
Streatham Hill Telford Avenue	0639	0707	0737	0757	0817	0837	0857	0913	0927	0939	0951	1003	1015	1027	1039	1051	1103	1115	1127	1139
Streatham St. Leonards Church	0643	0711	0741	0801	0821	0841	0901	0917	0931	0943	0955	1007	1019	1031	1043	1055	1107	1119	1131	1143
Norbury Station ⇌	0647	0715	0745	0805	0825	0845	0905	0921	0935	0947	0959	1011	1023	1035	1047	1059	1111	1123	1135	1147
Thornton Heath Garage	0651	0719	0749	0809	0829	0849	0909	0925	0939	0951	1003	1015	1027	1039	1051	1103	1115	1127	1139	1151
West Croydon Station ⊖⇌	0655	0723	0753	0813	0833	0853	0913	0929	0943	0955	1007	1019	1031	1043	1055	1107	1119	1131	1143	1155
South Croydon Garage	0659	0727	0757	0817	0837	0857	0917	0933	0947	0959	1011	1023	1035	1047	1059	1111	1123	1135	1147	1159
Purley Cross Roads	0703	0731	0801	0821	0841	0901	0921	0937	0951	1003	1015	1027	1039	1051	1103	1115	1127	1139	1151	1203
Farringdon Street Stonecutter Street	1913	0929	0940	Then	12	24	36	48	00	1700	1712	1724	1736	1748	1800	1812	1824	1836	1848	1900
Elephant & Castle ⊖⇌	1917	0933	0944	Then	12	24	36	48	00	1704	1716	1728	1740	1752	1804	1816	1828	1840	1852	1904
Oval Station ⊖	1921	0937	0948	Then	12	24	36	48	00	1708	1720	1732	1744	1756	1808	1820	1832	1844	1856	1908
Brixton Gresham Road	1925	0941	0952	Then	12	24	36	48	00	1712	1724	1736	1748	1800	1812	1824	1836	1848	1900	1912
Brixton (LT) Station ⊖⇌	1929	0945	0956	Then	12	24	36	48	00	1716	1728	1740	1752	1804	1816	1828	1840	1852	1904	1916
Streatham Hill Telford Avenue	1933	0949	1000	Then	12	24	36	48	00	1720	1732	1744	1756	1808	1820	1832	1844	1856	1908	1920
Streatham St. Leonards Church	1937	0953	1004	Then	12	24	36	48	00	1724	1736	1748	1800	1812	1824	1836	1848	1900	1912	1924
Norbury Station ⇌	1941	0957	1008	Then	12	24	36	48	00	1728	1740	1752	1804	1816	1828	1840	1852	1904	1916	1928
Thornton Heath Garage	1945	1001	1012	Then	12	24	36	48	00	1732	1744	1756	1808	1820	1832	1844	1856	1908	1920	1932
West Croydon Station ⊖⇌	1949	1005	1016	Then	12	24	36	48	00	1736	1748	1800	1812	1824	1836	1848	1900	1912	1924	1936
South Croydon Garage	1953	1009	1020	Then	12	24	36	48	00	1740	1752	1804	1816	1828	1840	1852	1904	1916	1928	1940
Purley Cross Roads	1957	1013	1024	Then	12	24	36	48	00	1744	1756	1808	1820	1832	1844	1856	1908	1920	1932	1944
Farringdon Street Stonecutter Street	1744	1802	1822	1842	1902	1922	1942	Then	02	22	42	2202	2222	2242	2302	2322	2342	0002	0022	.....
Elephant & Castle ⊖⇌	1748	1806	1826	1846	1906	1926	1946	Then	02	22	42	2206	2226	2246	2306	2326	2346	0006	0026	.....
Oval Station ⊖	1752	1810	1830	1850	1910	1930	1950	Then	02	22	42	2210	2230	2250	2310	2330	2350	0010	0030	.....
Brixton Gresham Road	1756	1814	1834	1854	1914	1934	1954	Then	02	22	42	2214	2234	2254	2314	2334	2354	0014	0034	.....
Brixton (LT) Station ⊖⇌	1800	1818	1838	1858	1918	1938	1958	Then	02	22	42	2218	2238	2258	2318	2338	2358	0018	0038	.....
Streatham Hill Telford Avenue	1804	1822	1842	1902	1922	1942	2002	Then	02	22	42	2222	2242	2302	2322	2342	0002	0022	0042	.....
Streatham St. Leonards Church	1808	1826	1846	1906	1926	1946	2006	Then	02	22	42	2226	2246	2306	2326	2346	0006	0026	0046	.....
Norbury Station ⇌	1812	1830	1850	1910	1930	1950	2010	Then	02	22	42	2230	2250	2310	2330	2350	0010	0030	0050	.....
Thornton Heath Garage	1816	1834	1854	1914	1934	1954	2014	Then	02	22	42	2234	2254	2314	2334	2354	0014	0034	0054	.....
West Croydon Station ⊖⇌	1820	1838	1858	1918	1938	1958	2018	Then	02	22	42	2238	2258	2318	2338	2358	0018	0038	0058	.....
South Croydon Garage	1824	1842	1902	1922	1942	2002	2022	Then	02	22	42	2242	2302	2322	2342	0002	0022	0042	0102	.....
Purley Cross Roads	1828	1846	1906	1926	1946	2006	2026	Then	02	22	42	2246	2306	2326	2346	0006	0026	0046	0106	.....
Farringdon Street Stonecutter Street	0700	0731	0801	0831	0901	0918	0933	0948	1003	1018	1033	1048	1103	1118	1133	1148	1203	1218	1233	1248
Elephant & Castle ⊖⇌	0704	0735	0805	0835	0905	0922	0937	0952	1007	1022	1037	1052	1107	1122	1137	1152	1207	1222	1237	1252
Oval Station ⊖	0708	0739	0809	0839	0909	0926	0941	0956	1011	1026	1041	1056	1111	1126	1141	1156	1211	1226	1241	1256
Brixton Gresham Road	0712	0743	0813	0843	0913	0930	0945	1000	1015	1030	1045	1100	1115	1130	1145	1200	1215	1230	1245	1300
Brixton (LT) Station ⊖⇌	0716	0747	0817	0847	0917	0934	0949	1004	1019	1034	1049	1104	1119	1134	1149	1204	1219	1234	1249	1304
Streatham Hill Telford Avenue	0720	0751	0821	0851	0921	0938	0953	1008	1023	1038	1053	1108	1123	1138	1153	1208	1223	1238	1253	1308
Streatham St. Leonards Church	0724	0755	0825	0855	0925	0942	0957	1012	1027	1042	1057	1112	1127	1142	1157	1212	1227	1242	1257	1312
Norbury Station ⇌	0728	0759	0829	0859	0929	0946	1001	1016	1031	1046	1101	1116	1131	1146	1201	1216	1231	1246	1301	1316
Thornton Heath Garage	0732	0803	0833	0903	0933	0950	1005	1020	1035	1050	1105	1120	1135	1150	1205	1220	1235	1250	1305	1320
West Croydon Station ⊖⇌	0736	0807	0837	0907	0937	0954	1009	1024	1039	1054	1109	1124	1139	1154	1209	1224	1239	1254	1309	1324
South Croydon Garage	0740	0811	0841	0911	0941	0958	1013	1028	1043	1058	1113	1128	1143	1158	1213	1228	1243	1258	1313	1328
Purley Cross Roads	0744	0815	0845	0915	0945	1002	1017	1032	1047	1102	1117	1132	1147	1202	1217	1232	1247	1302	1317	1332
Farringdon Street Stonecutter Street	1108	Then	23	38	53	08	1823	1839	1854	1910	1926	1942	1958	2013	2028	2043	2058	2113	2128	2143
Elephant & Castle ⊖⇌	1112	Then	23	38	53	08	1827	1843	1858	1914	1930	1946	2002	2017	2032	2047	2102	2117	2132	2147
Oval Station ⊖	1116	Then	23	38	53	08	1831	1847	1902	1918	1934	1950	2006	2021	2036	2051	2106	2121	2136	2151
Brixton Gresham Road	1120	Then	23	38	53	08	1835	1851	1906	1922	1938	1954	2010	2025	2040	2055	2110	2125	2140	2155
Brixton (LT) Station ⊖⇌	1124	Then	23	38	53	08	1839	1855	1910	1926	1942	1958	2014	2029	2044	2059	2114	2129	2144	2159
Streatham Hill Telford Avenue	1128	Then	23	38	53	08	1843	1859	1914	1930	1946	2002	2018	2033	2048	2103	2118	2133	2148	2203
Streatham St. Leonards Church	1132	Then	23	38	53	08	1847	1903	1918	1934	1950	2006	2022	2037	2052	2107	2122	2137	2152	2207
Norbury Station ⇌	1136	Then	23	38	53	08	1851	1907	1922	1938	1954	2010	2026	2041	2056	2111	2126	2141	2156	2211
Thornton Heath Garage	1140	Then	23	38	53	08	1855	1911	1926	1942	1958	2014	2030	2045	2100	2115	2130	2145	2200	2215
West Croydon Station ⊖⇌	1144	Then	23	38	53	08	1859	1915	1930	1946	2002	2018	2034	2049	2104	2119	2134	2149	2204	2219
South Croydon Garage	1148	Then	23	38	53	08	1903	1919	1934	1950	2006	2022	2038	2053	2108	2123	2138	2153	2208	2223
Purley Cross Roads	1152	Then	23	38	53	08	1907	1923	1938	1954	2010	2026	2042	2057	2112	2127	2142	2157	2212	2227
Farringdon Street Stonecutter Street	2103	2118	2133	2148	2203	2218	2233	2248	2303	2318	2333	2353	0008	0028	0048	0108	.....	.....	.....	.....
Elephant & Castle ⊖⇌	2107	2122	2137	2152	2207	2222	2237	2252	2307	2322	2337	2357	0012	0032	0052	0112	.....	.....	.....	.....
Oval Station ⊖	2111	2126	2141	2156	2211	2226	2241	2256	2311	2326	2341	0001	0016	0036	0056	0116	.....	.....	.....	.....
Brixton Gresham Road	2115	2130	2145	2200	2215	2230	2245	2300	2315	2330	2345	0005	0020	0040	0100	0120	.....	.....	.....	.....
Brixton (LT) Station ⊖⇌	2119	2134	2149	2204	2219	2234	2249	2304	2319	2334	2349	0009	0024	0044	0104	0124	.....	.....	.....	.....
Streatham Hill Telford Avenue	2123	2138	2153	2208	2223	2238	2253	2308	2323	2338	2353	0013	0028	0048	0108	0128	.....	.....	.....	.....
Streatham St. Leonards Church	2127	2142	2157	2212	2227	2242	2257	2312	2327	2342	2357	0017	0032	0052	0112	0132	.....	.....	.....	.....
Norbury Station ⇌	2131	2146	2201	2216	2231	2246	2301	2316	2331	2346	0001	0021	0036	0056	0116	0136	.....	.....	.....	.....
Thornton Heath Garage	2135	2150	2205	2220	2235	2250	2305	2320	2335	2350	0005	0025	0040	0100	0120	0140	.....	.....	.....	.....
West Croydon Station ⊖⇌	2139	2154	2209	2224	2239	2254	2309	2324	2339	2354	0009	0029	0044	0104	0124	0144	.....	.....	.....	.....
South Croydon Garage	2143	2158	2213	2228	2243	2258	2313	2328	2343	2358	0013	0033	0048	0108	0128	0148	.....	.....	.....	.....
Purley Cross Roads	2147	2202	2217	2232	2247	2302	2317	2332	2347	0002	0017	0037	0052	0112	0132	0152	.....	.....	.....	.....
